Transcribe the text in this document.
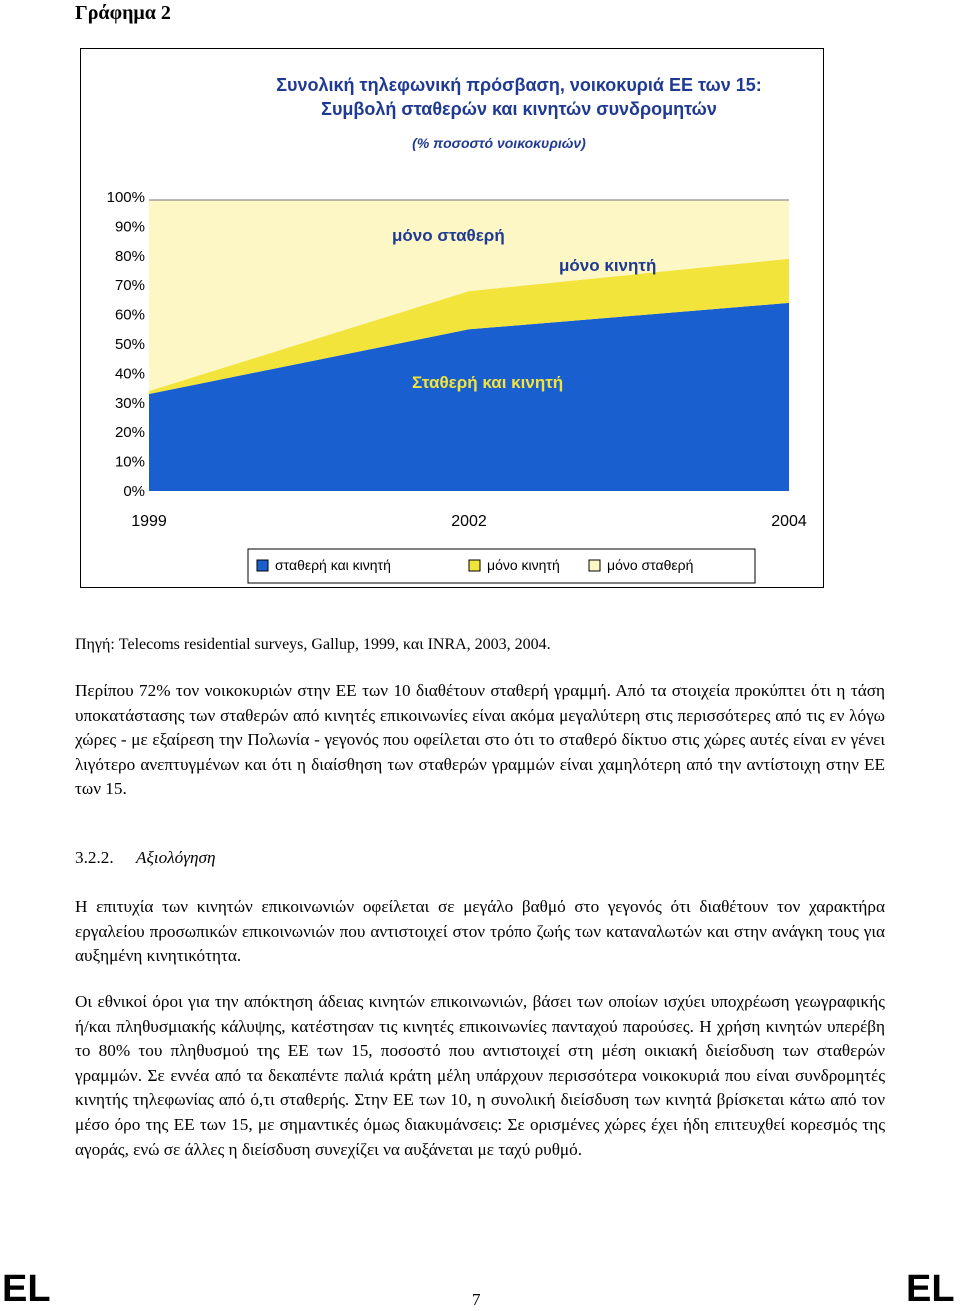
Γράφημα 2
Συνολική τηλεφωνική πρόσβαση, νοικοκυριά ΕΕ των 15:
Συμβολή σταθερών και κινητών συνδρομητών
(% ποσοστό νοικοκυριών)
0%
10%
20%
30%
40%
50%
60%
70%
80%
90%
100%
1999	2002	2004
μόνο σταθερή
μόνο κινητή
Σταθερή και κινητή
σταθερή και κινητή	μόνο κινητή	μόνο σταθερή
Πηγή: Telecoms residential surveys, Gallup, 1999, και INRA, 2003, 2004.
Περίπου 72% τον νοικοκυριών στην ΕΕ των 10 διαθέτουν σταθερή γραμμή. Από τα στοιχεία προκύπτει ότι η τάση υποκατάστασης των σταθερών από κινητές επικοινωνίες είναι ακόμα μεγαλύτερη στις περισσότερες από τις εν λόγω χώρες - με εξαίρεση την Πολωνία - γεγονός που οφείλεται στο ότι το σταθερό δίκτυο στις χώρες αυτές είναι εν γένει λιγότερο ανεπτυγμένων και ότι η διαίσθηση των σταθερών γραμμών είναι χαμηλότερη από την αντίστοιχη στην ΕΕ των 15.
3.2.2. Αξιολόγηση
Η επιτυχία των κινητών επικοινωνιών οφείλεται σε μεγάλο βαθμό στο γεγονός ότι διαθέτουν τον χαρακτήρα εργαλείου προσωπικών επικοινωνιών που αντιστοιχεί στον τρόπο ζωής των καταναλωτών και στην ανάγκη τους για αυξημένη κινητικότητα.
Οι εθνικοί όροι για την απόκτηση άδειας κινητών επικοινωνιών, βάσει των οποίων ισχύει υποχρέωση γεωγραφικής ή/και πληθυσμιακής κάλυψης, κατέστησαν τις κινητές επικοινωνίες πανταχού παρούσες. Η χρήση κινητών υπερέβη το 80% του πληθυσμού της ΕΕ των 15, ποσοστό που αντιστοιχεί στη μέση οικιακή διείσδυση των σταθερών γραμμών. Σε εννέα από τα δεκαπέντε παλιά κράτη μέλη υπάρχουν περισσότερα νοικοκυριά που είναι συνδρομητές κινητής τηλεφωνίας από ό,τι σταθερής. Στην ΕΕ των 10, η συνολική διείσδυση των κινητά βρίσκεται κάτω από τον μέσο όρο της ΕΕ των 15, με σημαντικές όμως διακυμάνσεις: Σε ορισμένες χώρες έχει ήδη επιτευχθεί κορεσμός της αγοράς, ενώ σε άλλες η διείσδυση συνεχίζει να αυξάνεται με ταχύ ρυθμό.
EL	7	EL
